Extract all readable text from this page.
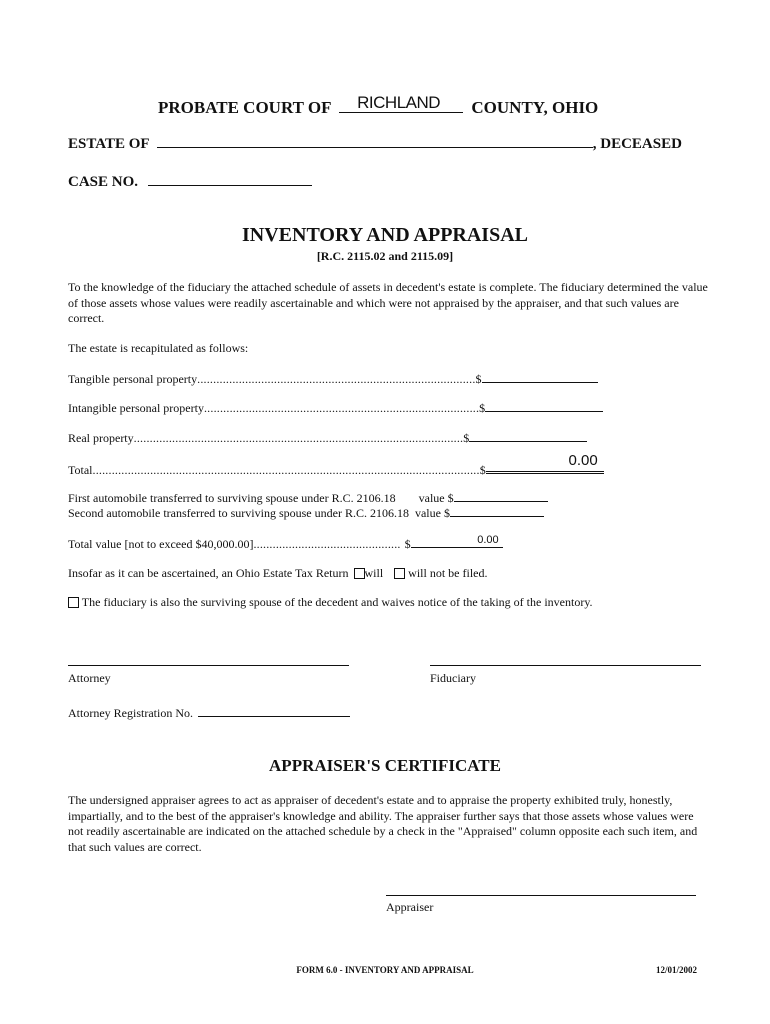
PROBATE COURT OF RICHLAND COUNTY, OHIO
ESTATE OF	, DECEASED
CASE NO.
INVENTORY AND APPRAISAL
[R.C. 2115.02 and 2115.09]
To the knowledge of the fiduciary the attached schedule of assets in decedent's estate is complete. The fiduciary determined the value of those assets whose values were readily ascertainable and which were not appraised by the appraiser, and that such values are correct.
The estate is recapitulated as follows:
Tangible personal property.......................................................................................$
Intangible personal property......................................................................................$
Real property.......................................................................................................$
Total.........................................................................................................................$
0.00
First automobile transferred to surviving spouse under R.C. 2106.18 value $
Second automobile transferred to surviving spouse under R.C. 2106.18 value $
Total value [not to exceed $40,000.00].............................................. $	0.00
Insofar as it can be ascertained, an Ohio Estate Tax Return will will not be filed.
The fiduciary is also the surviving spouse of the decedent and waives notice of the taking of the inventory.
Attorney	Fiduciary
Attorney Registration No.
APPRAISER'S CERTIFICATE
The undersigned appraiser agrees to act as appraiser of decedent's estate and to appraise the property exhibited truly, honestly, impartially, and to the best of the appraiser's knowledge and ability. The appraiser further says that those assets whose values were not readily ascertainable are indicated on the attached schedule by a check in the "Appraised" column opposite each such item, and that such values are correct.
Appraiser
FORM 6.0 - INVENTORY AND APPRAISAL	12/01/2002
